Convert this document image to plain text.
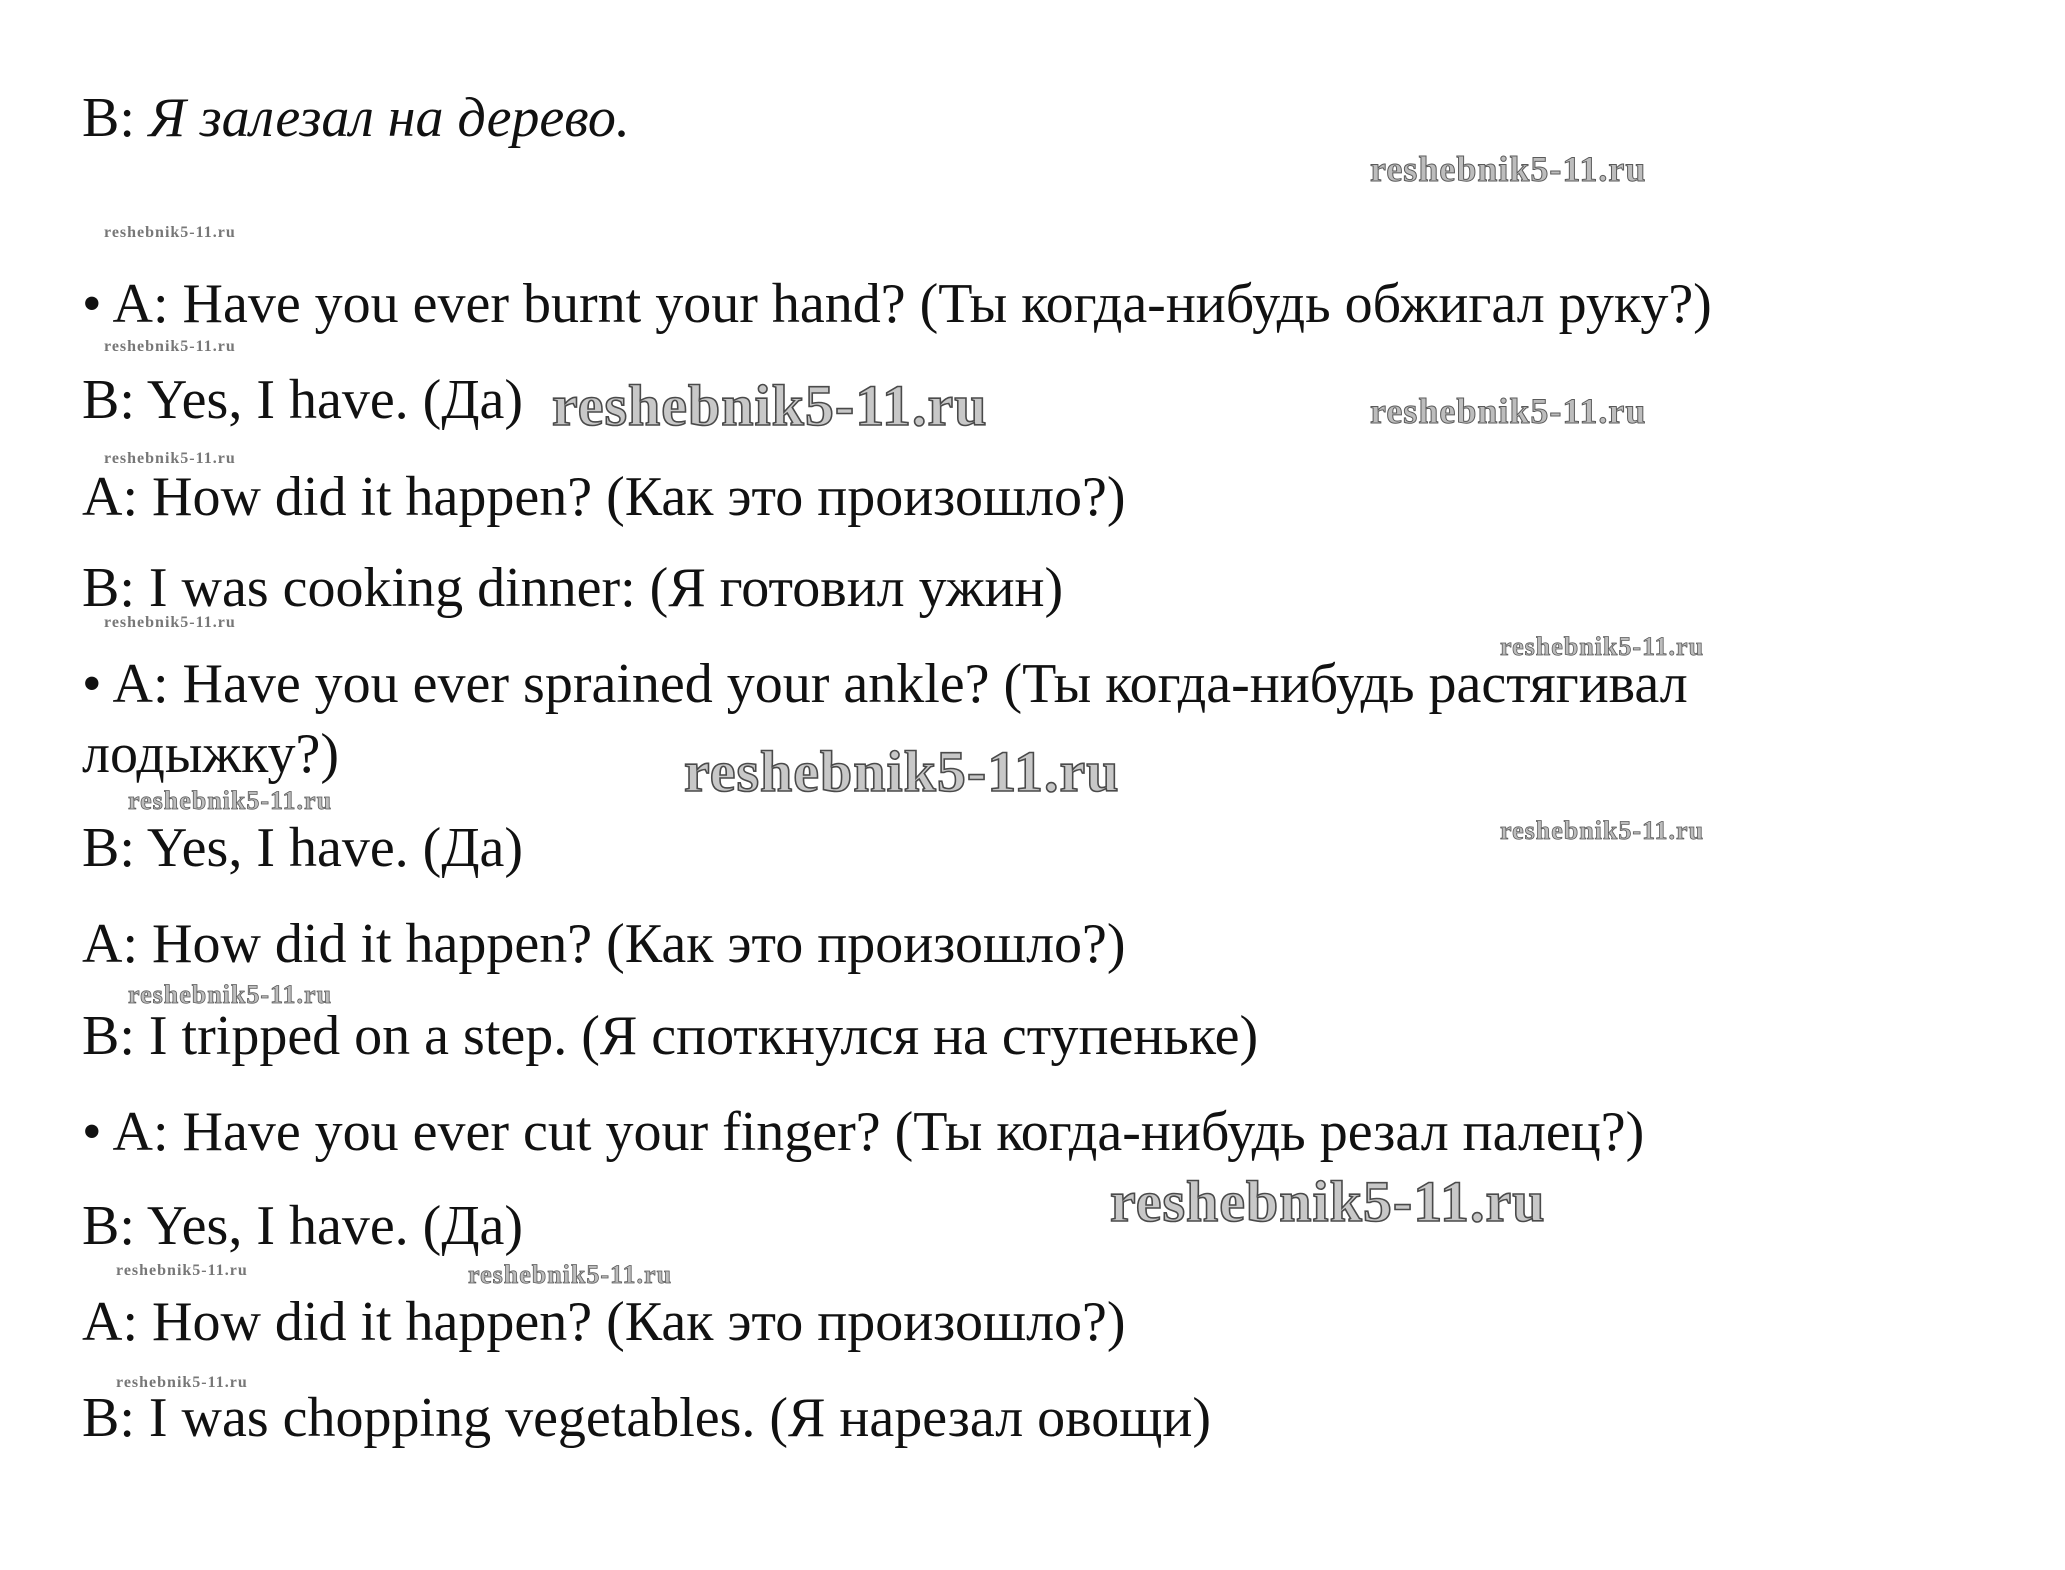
B: Я залезал на дерево.
• A: Have you ever burnt your hand? (Ты когда-нибудь обжигал руку?)
B: Yes, I have. (Да)
A: How did it happen? (Как это произошло?)
B: I was cooking dinner: (Я готовил ужин)
• A: Have you ever sprained your ankle? (Ты когда-нибудь растягивал
лодыжку?)
B: Yes, I have. (Да)
A: How did it happen? (Как это произошло?)
B: I tripped on a step. (Я споткнулся на ступеньке)
• A: Have you ever cut your finger? (Ты когда-нибудь резал палец?)
B: Yes, I have. (Да)
A: How did it happen? (Как это произошло?)
B: I was chopping vegetables. (Я нарезал овощи)
reshebnik5-11.ru
reshebnik5-11.ru
reshebnik5-11.ru
reshebnik5-11.ru	reshebnik5-11.ru
reshebnik5-11.ru
reshebnik5-11.ru
reshebnik5-11.ru
reshebnik5-11.ru
reshebnik5-11.ru
reshebnik5-11.ru
reshebnik5-11.ru
reshebnik5-11.ru
reshebnik5-11.ru	reshebnik5-11.ru
reshebnik5-11.ru
